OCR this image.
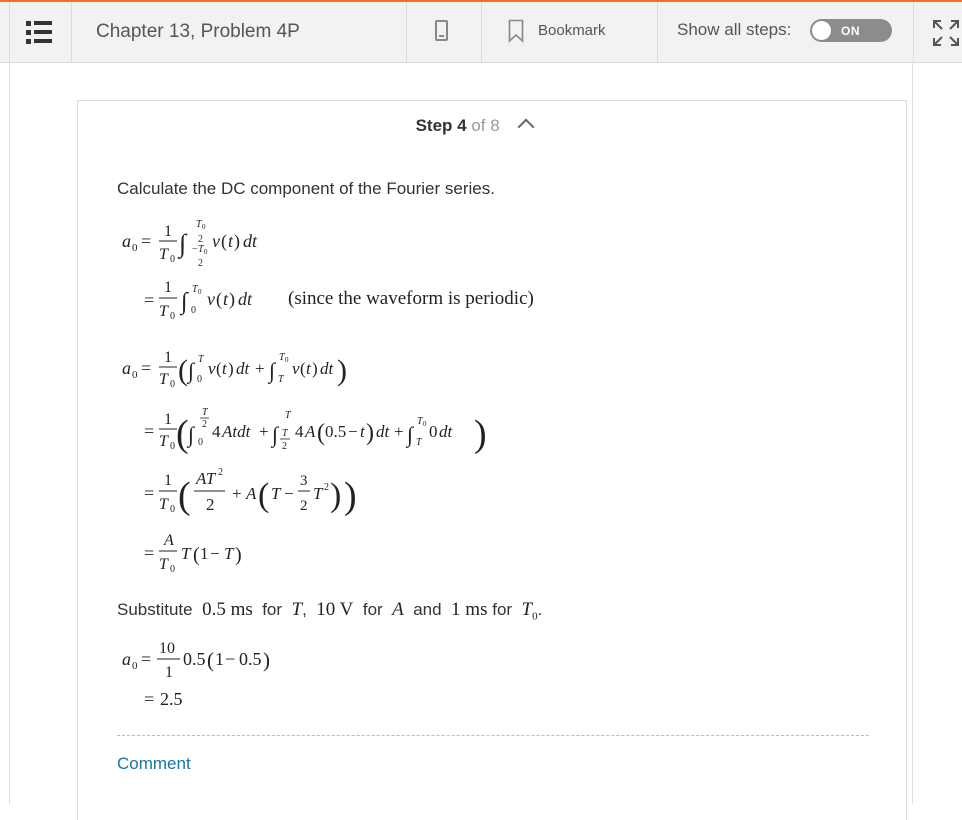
Chapter 13, Problem 4P	Bookmark	Show all steps:	ON
Step 4 of 8
Calculate the DC component of the Fourier series.
a 0 = 1
T 0
∫
T 0
2
− T 0
2
v ( t ) dt
=
1
T 0
∫ T 0
0
v ( t ) dt
a 0 =
1
T 0 ( ∫ T
0
v ( t ) dt + ∫
T 0
T
v ( t ) dt )
=
1
T 0 ( ∫
T
2
0
4 Atdt + ∫
T
T
2
4 A ( 0.5 − t ) dt + ∫
T 0
T
0 dt )
=
1
T 0 ( AT 2
2
+ A ( T −
3
2
T 2 ) )
=
A
T 0
T ( 1 − T )
a 0 =
10
1
0.5 ( 1 − 0.5 )
= 2.5
(since the waveform is periodic)
Substitute 0.5 ms for T, 10 V for A and 1 ms for $T_0$.
Comment
